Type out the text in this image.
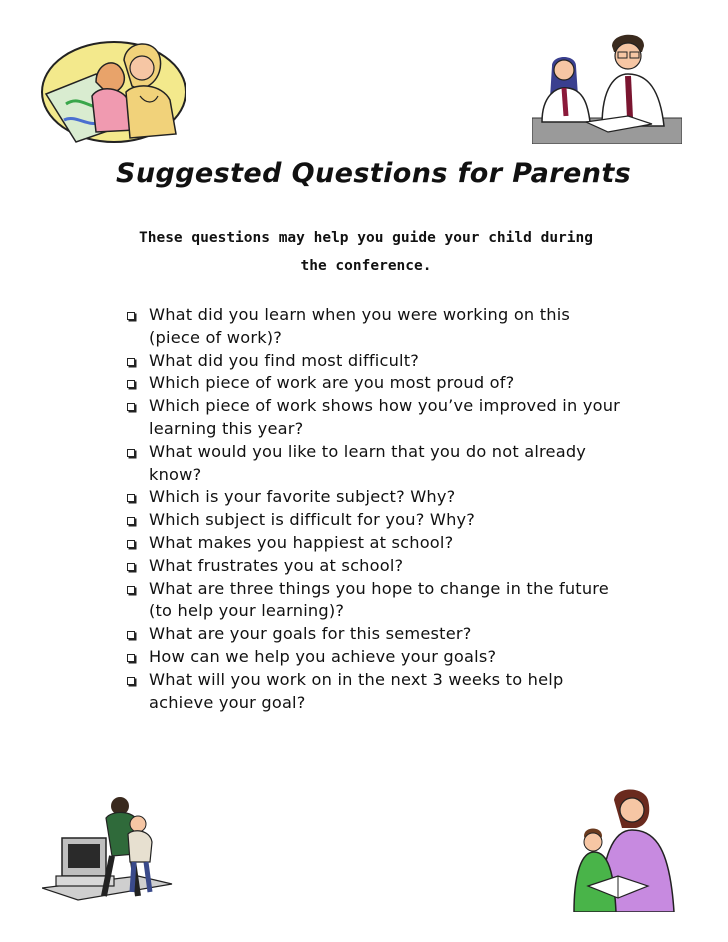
Suggested Questions for Parents

These questions may help you guide your child during
the conference.

What did you learn when you were working on this (piece of work)?
What did you find most difficult?
Which piece of work are you most proud of?
Which piece of work shows how you’ve improved in your learning this year?
What would you like to learn that you do not already know?
Which is your favorite subject? Why?
Which subject is difficult for you? Why?
What makes you happiest at school?
What frustrates you at school?
What are three things you hope to change in the future (to help your learning)?
What are your goals for this semester?
How can we help you achieve your goals?
What will you work on in the next 3 weeks to help achieve your goal?
